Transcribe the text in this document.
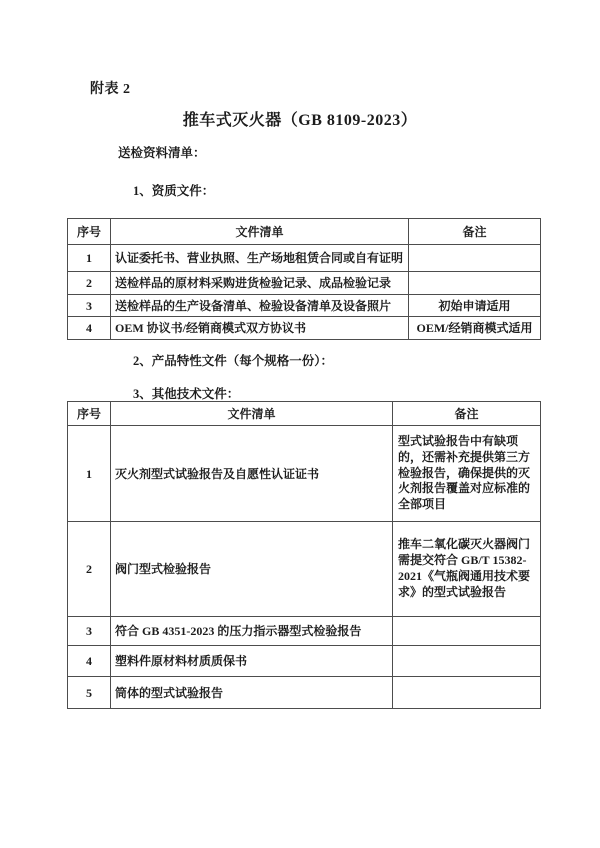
附表 2
推车式灭火器（GB 8109-2023）
送检资料清单：
1、资质文件：
序号	文件清单	备注
1	认证委托书、营业执照、生产场地租赁合同或自有证明	
2	送检样品的原材料采购进货检验记录、成品检验记录	
3	送检样品的生产设备清单、检验设备清单及设备照片	初始申请适用
4	OEM 协议书/经销商模式双方协议书	OEM/经销商模式适用
2、产品特性文件（每个规格一份）：
3、其他技术文件：
序号	文件清单	备注
1	灭火剂型式试验报告及自愿性认证证书	型式试验报告中有缺项的，还需补充提供第三方检验报告，确保提供的灭火剂报告覆盖对应标准的全部项目
2	阀门型式检验报告	推车二氧化碳灭火器阀门需提交符合 GB/T 15382-2021《气瓶阀通用技术要求》的型式试验报告
3	符合 GB 4351-2023 的压力指示器型式检验报告	
4	塑料件原材料材质质保书	
5	筒体的型式试验报告	
